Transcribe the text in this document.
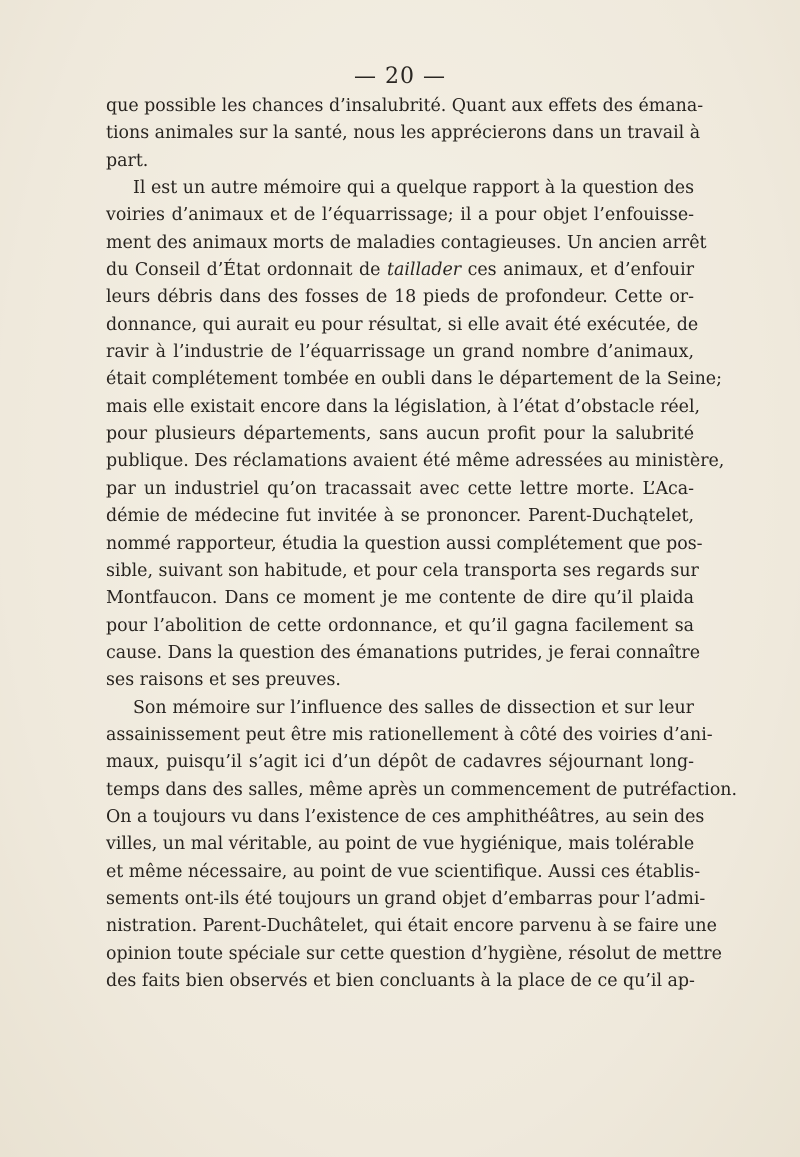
— 20 —
que possible les chances d’insalubrité. Quant aux effets des émana-
tions animales sur la santé, nous les apprécierons dans un travail à
part.
Il est un autre mémoire qui a quelque rapport à la question des
voiries d’animaux et de l’équarrissage; il a pour objet l’enfouisse-
ment des animaux morts de maladies contagieuses. Un ancien arrêt
du Conseil d’État ordonnait de taillader ces animaux, et d’enfouir
leurs débris dans des fosses de 18 pieds de profondeur. Cette or-
donnance, qui aurait eu pour résultat, si elle avait été exécutée, de
ravir à l’industrie de l’équarrissage un grand nombre d’animaux,
était complétement tombée en oubli dans le département de la Seine;
mais elle existait encore dans la législation, à l’état d’obstacle réel,
pour plusieurs départements, sans aucun profit pour la salubrité
publique. Des réclamations avaient été même adressées au ministère,
par un industriel qu’on tracassait avec cette lettre morte. L’Aca-
démie de médecine fut invitée à se prononcer. Parent-Duchątelet,
nommé rapporteur, étudia la question aussi complétement que pos-
sible, suivant son habitude, et pour cela transporta ses regards sur
Montfaucon. Dans ce moment je me contente de dire qu’il plaida
pour l’abolition de cette ordonnance, et qu’il gagna facilement sa
cause. Dans la question des émanations putrides, je ferai connaître
ses raisons et ses preuves.
Son mémoire sur l’influence des salles de dissection et sur leur
assainissement peut être mis rationellement à côté des voiries d’ani-
maux, puisqu’il s’agit ici d’un dépôt de cadavres séjournant long-
temps dans des salles, même après un commencement de putréfaction.
On a toujours vu dans l’existence de ces amphithéâtres, au sein des
villes, un mal véritable, au point de vue hygiénique, mais tolérable
et même nécessaire, au point de vue scientifique. Aussi ces établis-
sements ont-ils été toujours un grand objet d’embarras pour l’admi-
nistration. Parent-Duchâtelet, qui était encore parvenu à se faire une
opinion toute spéciale sur cette question d’hygiène, résolut de mettre
des faits bien observés et bien concluants à la place de ce qu’il ap-
